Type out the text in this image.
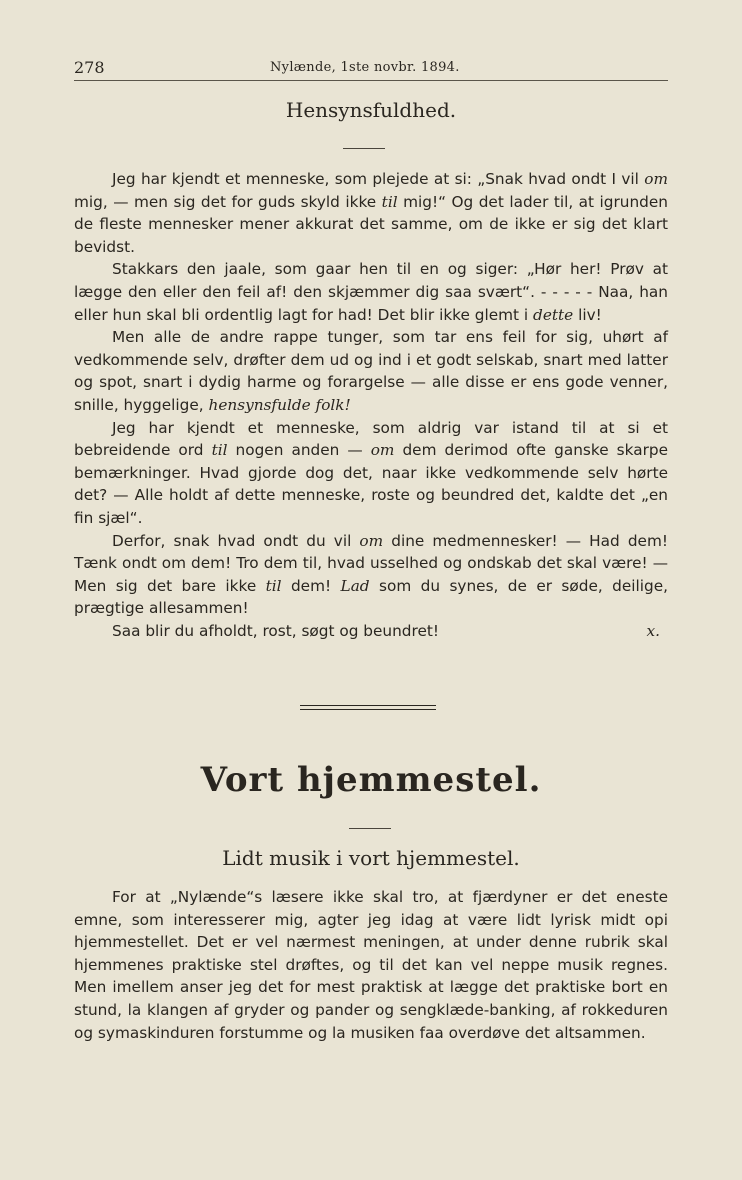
278	Nylænde, 1ste novbr. 1894.
Hensynsfuldhed.

Jeg har kjendt et menneske, som plejede at si: „Snak hvad ondt I vil om mig, — men sig det for guds skyld ikke til mig!“ Og det lader til, at igrunden de fleste mennesker mener akkurat det samme, om de ikke er sig det klart bevidst.

Stakkars den jaale, som gaar hen til en og siger: „Hør her! Prøv at lægge den eller den feil af! den skjæmmer dig saa svært“. - - - - - Naa, han eller hun skal bli ordentlig lagt for had! Det blir ikke glemt i dette liv!

Men alle de andre rappe tunger, som tar ens feil for sig, uhørt af vedkommende selv, drøfter dem ud og ind i et godt selskab, snart med latter og spot, snart i dydig harme og forargelse — alle disse er ens gode venner, snille, hyggelige, hensynsfulde folk!

Jeg har kjendt et menneske, som aldrig var istand til at si et bebreidende ord til nogen anden — om dem derimod ofte ganske skarpe bemærkninger. Hvad gjorde dog det, naar ikke vedkommende selv hørte det? — Alle holdt af dette menneske, roste og beundred det, kaldte det „en fin sjæl“.

Derfor, snak hvad ondt du vil om dine medmennesker! — Had dem! Tænk ondt om dem! Tro dem til, hvad usselhed og ondskab det skal være! — Men sig det bare ikke til dem! Lad som du synes, de er søde, deilige, prægtige allesammen!

Saa blir du afholdt, rost, søgt og beundret!	x.
Vort hjemmestel.
Lidt musik i vort hjemmestel.

For at „Nylænde“s læsere ikke skal tro, at fjærdyner er det eneste emne, som interesserer mig, agter jeg idag at være lidt lyrisk midt opi hjemmestellet. Det er vel nærmest meningen, at under denne rubrik skal hjemmenes praktiske stel drøftes, og til det kan vel neppe musik regnes. Men imellem anser jeg det for mest praktisk at lægge det praktiske bort en stund, la klangen af gryder og pander og sengklæde-banking, af rokkeduren og symaskinduren forstumme og la musiken faa overdøve det altsammen.
